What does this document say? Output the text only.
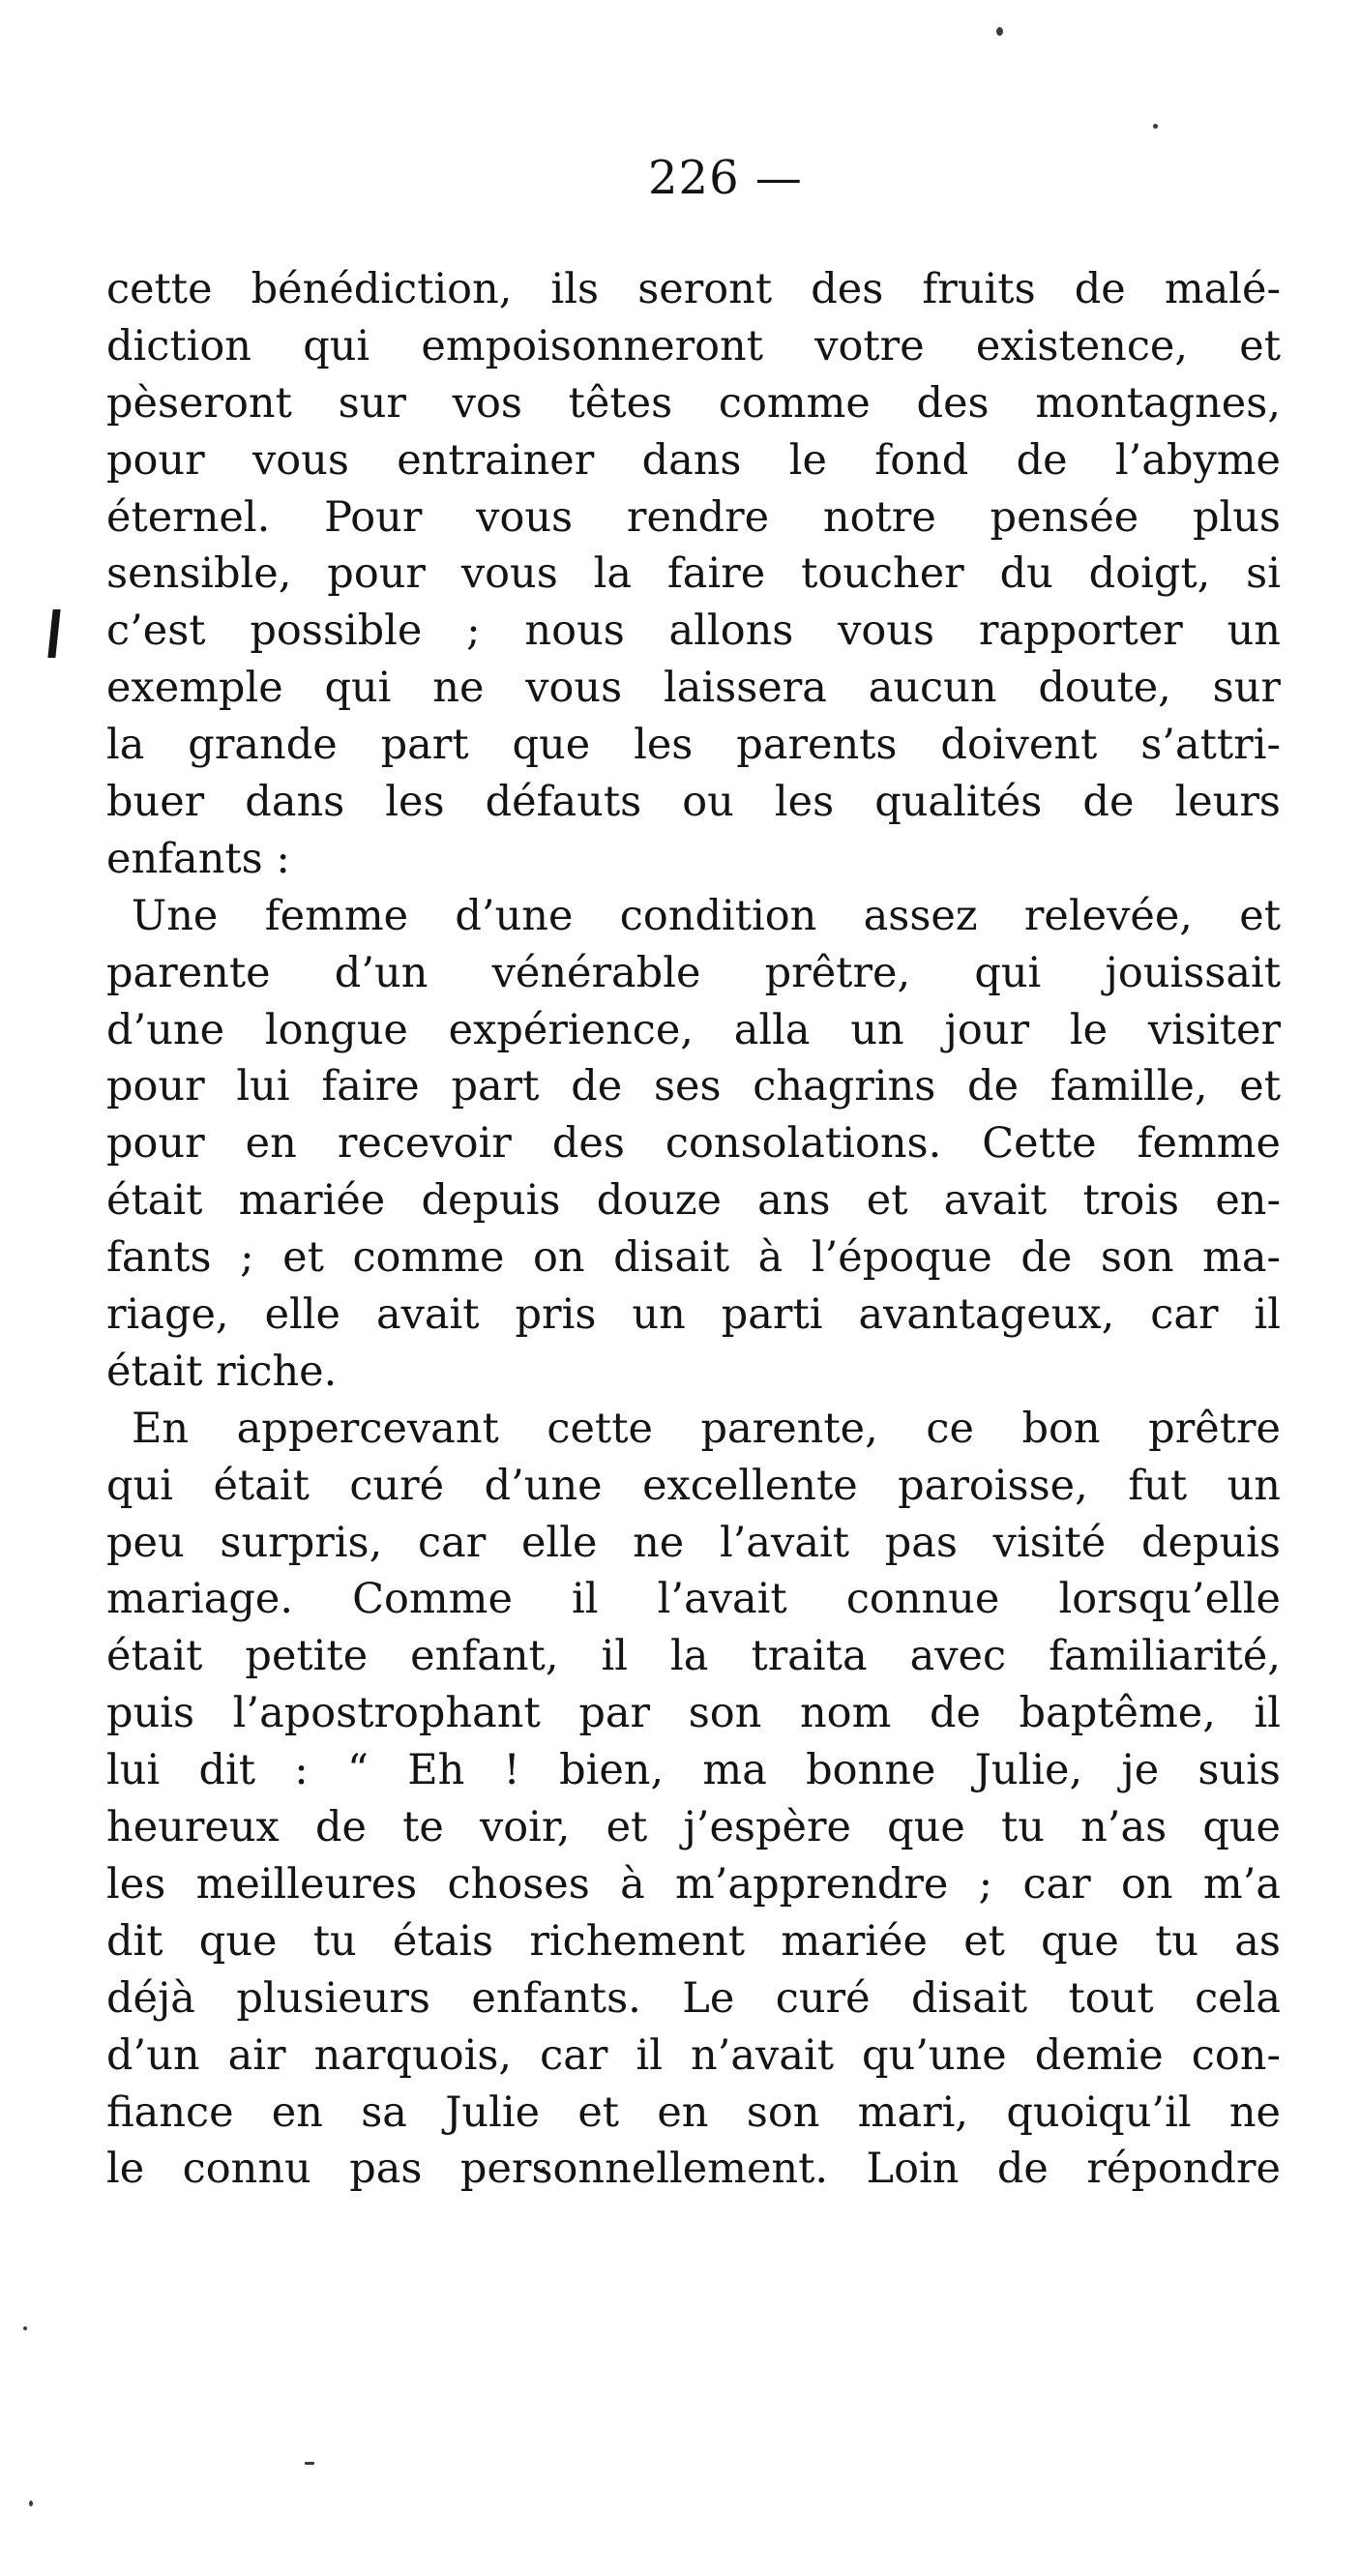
226 —
cette bénédiction, ils seront des fruits de malé-
diction qui empoisonneront votre existence, et
pèseront sur vos têtes comme des montagnes,
pour vous entrainer dans le fond de l’abyme
éternel. Pour vous rendre notre pensée plus
sensible, pour vous la faire toucher du doigt, si
c’est possible ; nous allons vous rapporter un
exemple qui ne vous laissera aucun doute, sur
la grande part que les parents doivent s’attri-
buer dans les défauts ou les qualités de leurs
enfants :
Une femme d’une condition assez relevée, et
parente d’un vénérable prêtre, qui jouissait
d’une longue expérience, alla un jour le visiter
pour lui faire part de ses chagrins de famille, et
pour en recevoir des consolations. Cette femme
était mariée depuis douze ans et avait trois en-
fants ; et comme on disait à l’époque de son ma-
riage, elle avait pris un parti avantageux, car il
était riche.
En appercevant cette parente, ce bon prêtre
qui était curé d’une excellente paroisse, fut un
peu surpris, car elle ne l’avait pas visité depuis
mariage. Comme il l’avait connue lorsqu’elle
était petite enfant, il la traita avec familiarité,
puis l’apostrophant par son nom de baptême, il
lui dit : “ Eh ! bien, ma bonne Julie, je suis
heureux de te voir, et j’espère que tu n’as que
les meilleures choses à m’apprendre ; car on m’a
dit que tu étais richement mariée et que tu as
déjà plusieurs enfants. Le curé disait tout cela
d’un air narquois, car il n’avait qu’une demie con-
fiance en sa Julie et en son mari, quoiqu’il ne
le connu pas personnellement. Loin de répondre
